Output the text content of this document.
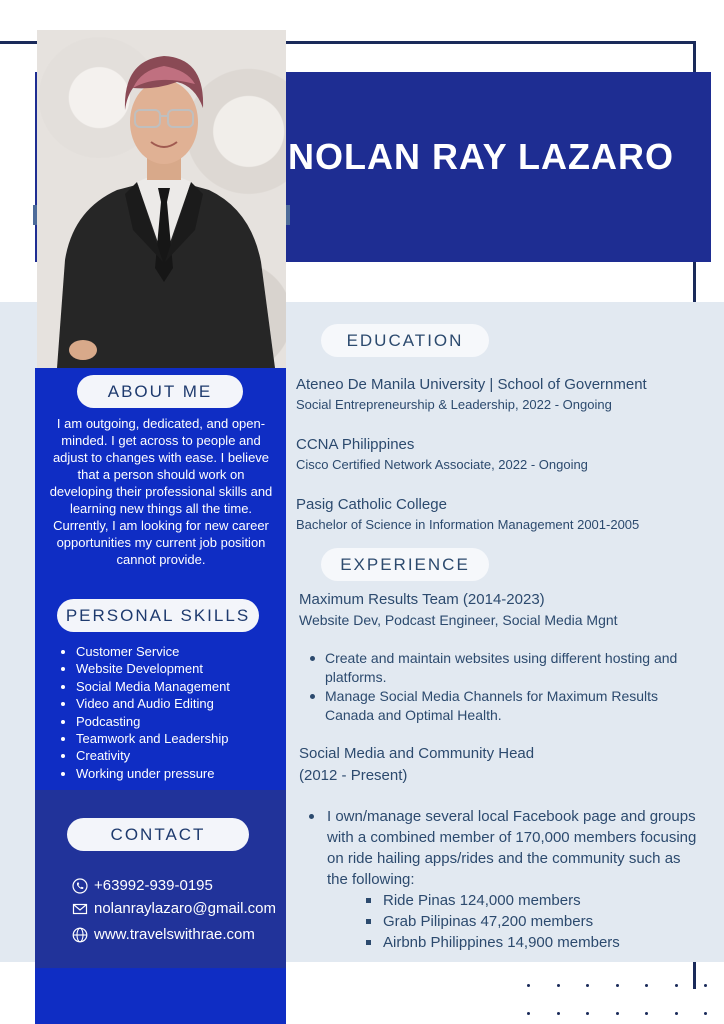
NOLAN RAY LAZARO
ABOUT ME

I am outgoing, dedicated, and open-minded. I get across to people and adjust to changes with ease. I believe that a person should work on developing their professional skills and learning new things all the time. Currently, I am looking for new career opportunities my current job position cannot provide.

PERSONAL SKILLS
Customer Service
Website Development
Social Media Management
Video and Audio Editing
Podcasting
Teamwork and Leadership
Creativity
Working under pressure
CONTACT
+63992-939-0195
nolanraylazaro@gmail.com
www.travelswithrae.com
EDUCATION
Ateneo De Manila University | School of Government
Social Entrepreneurship & Leadership, 2022 - Ongoing
CCNA Philippines
Cisco Certified Network Associate, 2022 - Ongoing
Pasig Catholic College
Bachelor of Science in Information Management 2001-2005
EXPERIENCE
Maximum Results Team (2014-2023)
Website Dev, Podcast Engineer, Social Media Mgnt
Create and maintain websites using different hosting and platforms.
Manage Social Media Channels for Maximum Results Canada and Optimal Health.
Social Media and Community Head
(2012 - Present)
I own/manage several local Facebook page and groups with a combined member of 170,000 members focusing on ride hailing apps/rides and the community such as the following:
Ride Pinas 124,000 members
Grab Pilipinas 47,200 members
Airbnb Philippines 14,900 members
